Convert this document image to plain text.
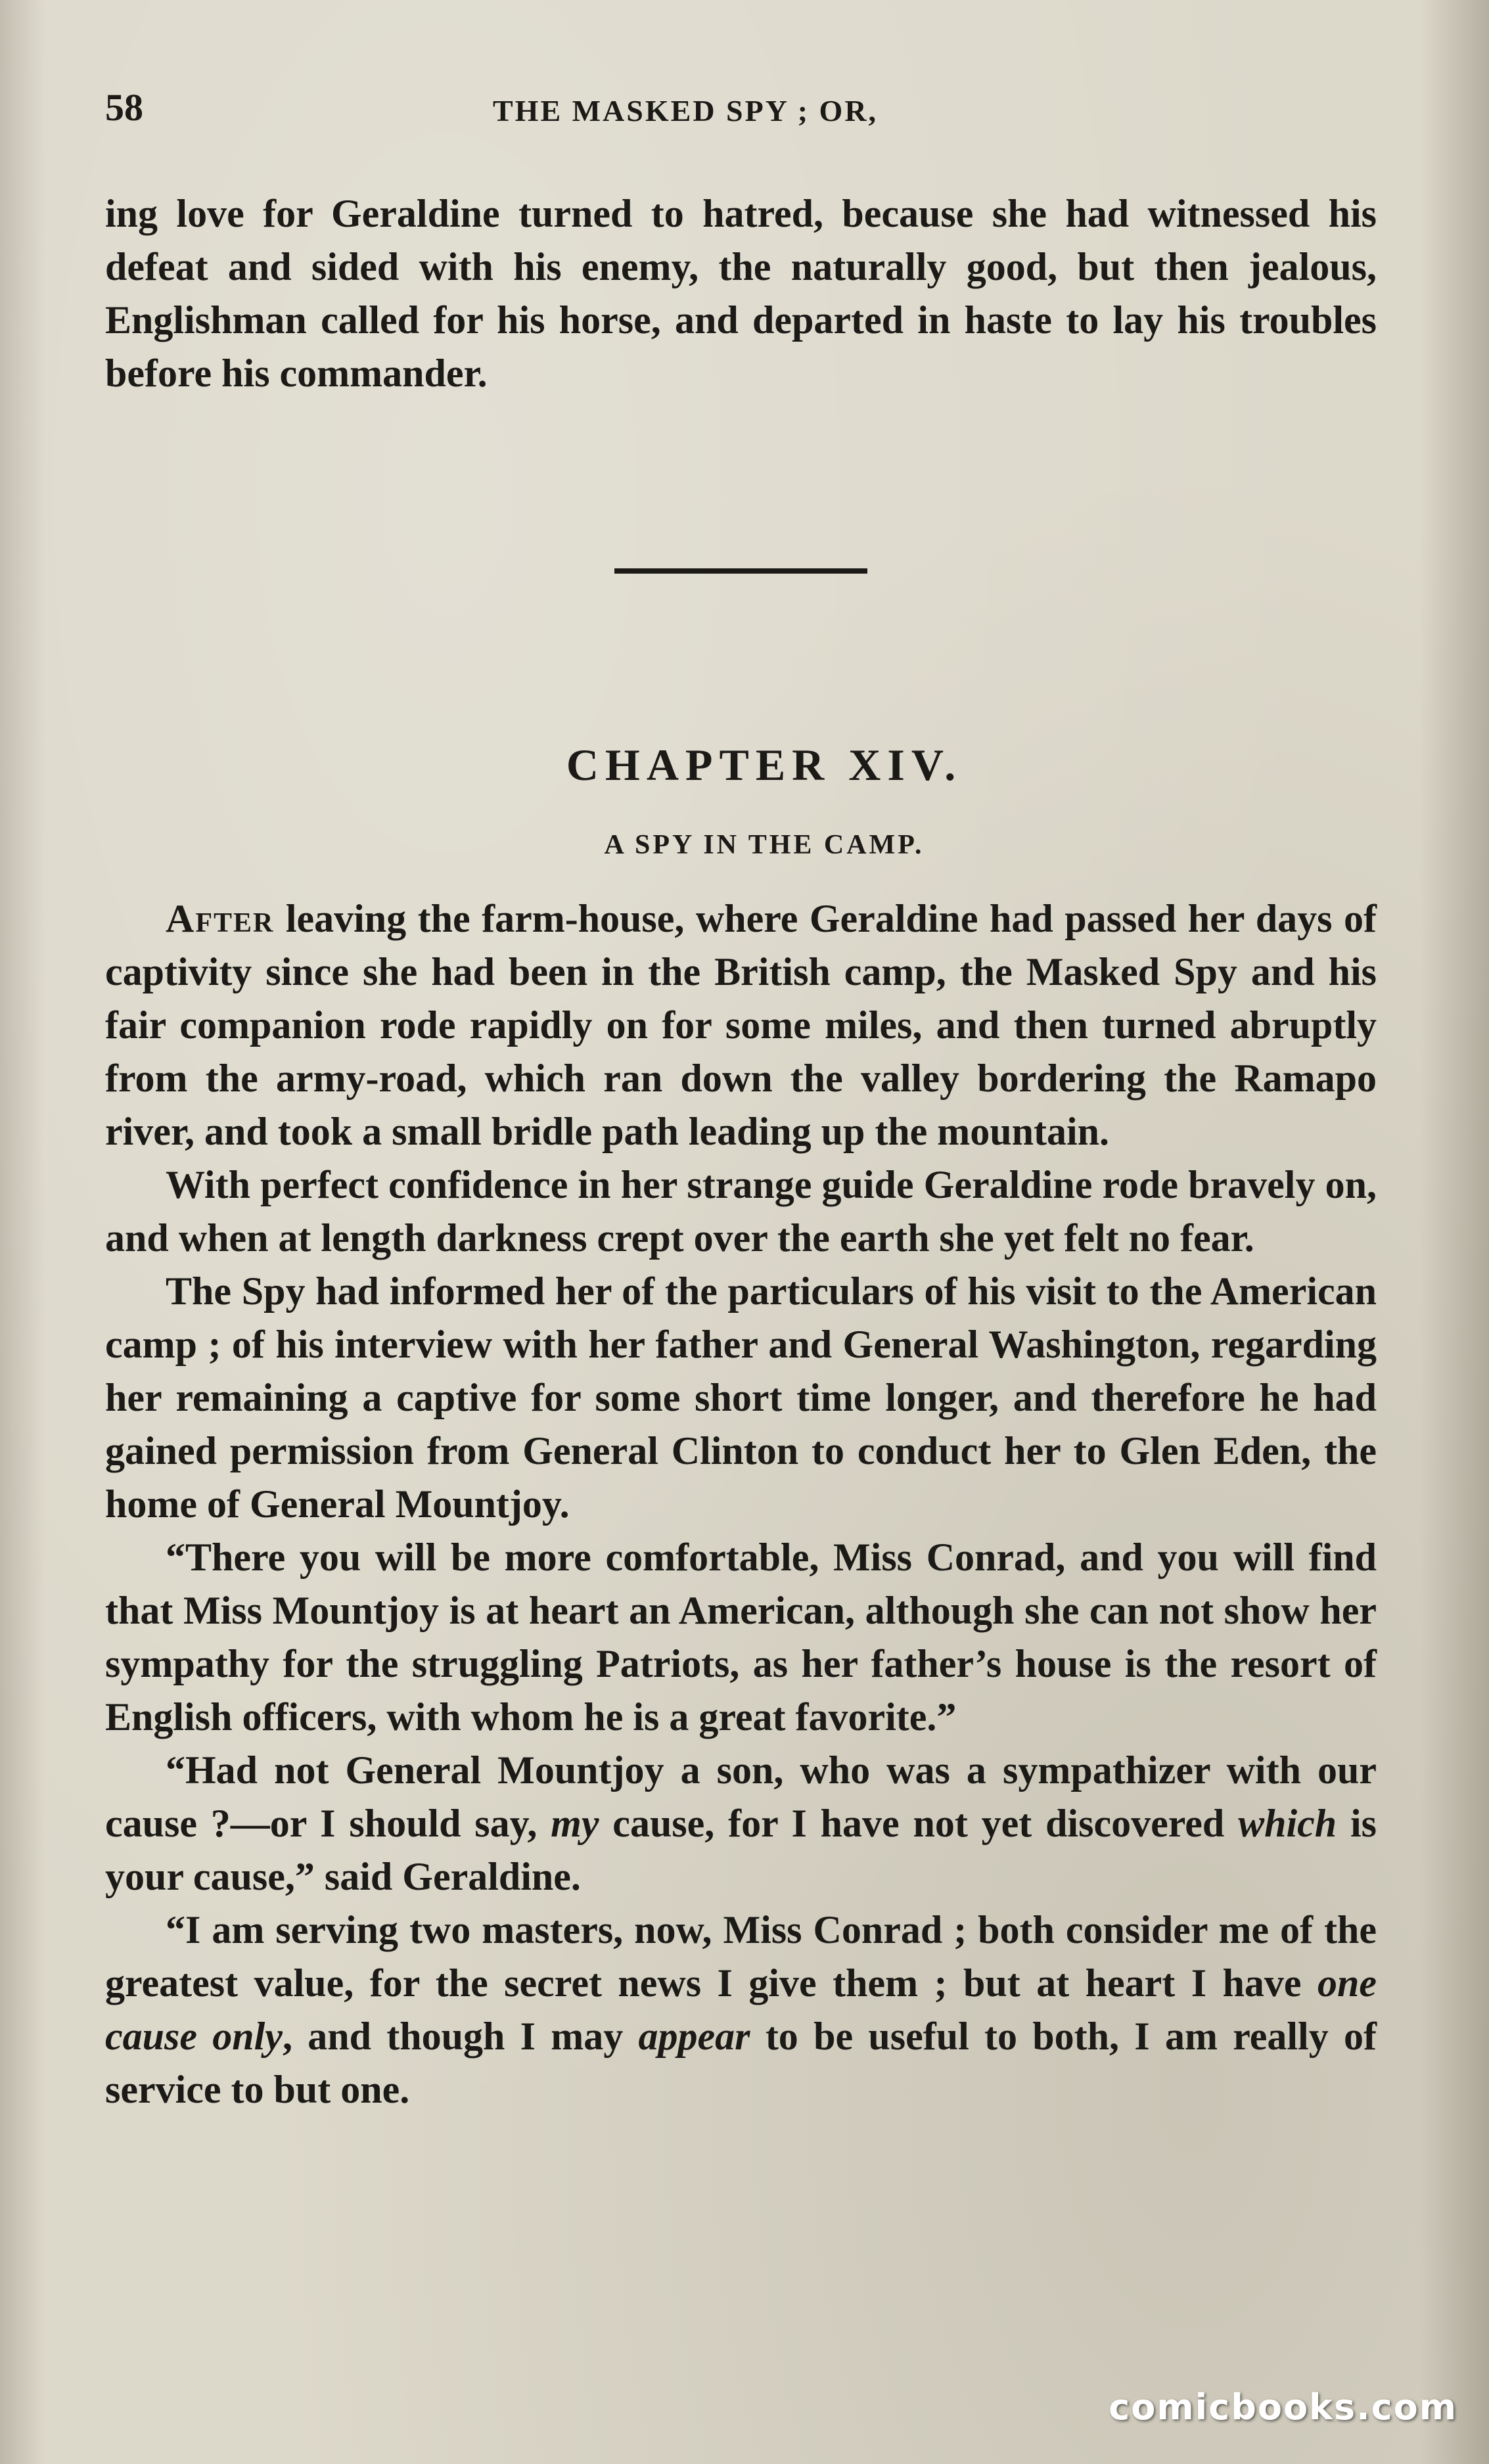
58	THE MASKED SPY ; OR,

ing love for Geraldine turned to hatred, because she had witnessed his defeat and sided with his enemy, the naturally good, but then jealous, Englishman called for his horse, and departed in haste to lay his troubles before his commander.

CHAPTER XIV.
A SPY IN THE CAMP.

After leaving the farm-house, where Geraldine had passed her days of captivity since she had been in the British camp, the Masked Spy and his fair companion rode rapidly on for some miles, and then turned abruptly from the army-road, which ran down the valley bordering the Ramapo river, and took a small bridle path leading up the mountain.

With perfect confidence in her strange guide Geraldine rode bravely on, and when at length darkness crept over the earth she yet felt no fear.

The Spy had informed her of the particulars of his visit to the American camp ; of his interview with her father and General Washington, regarding her remaining a captive for some short time longer, and therefore he had gained permission from General Clinton to conduct her to Glen Eden, the home of General Mountjoy.

“There you will be more comfortable, Miss Conrad, and you will find that Miss Mountjoy is at heart an American, although she can not show her sympathy for the struggling Patriots, as her father’s house is the resort of English officers, with whom he is a great favorite.”

“Had not General Mountjoy a son, who was a sympathizer with our cause ?—or I should say, my cause, for I have not yet discovered which is your cause,” said Geraldine.

“I am serving two masters, now, Miss Conrad ; both consider me of the greatest value, for the secret news I give them ; but at heart I have one cause only, and though I may appear to be useful to both, I am really of service to but one.

comicbooks.com
